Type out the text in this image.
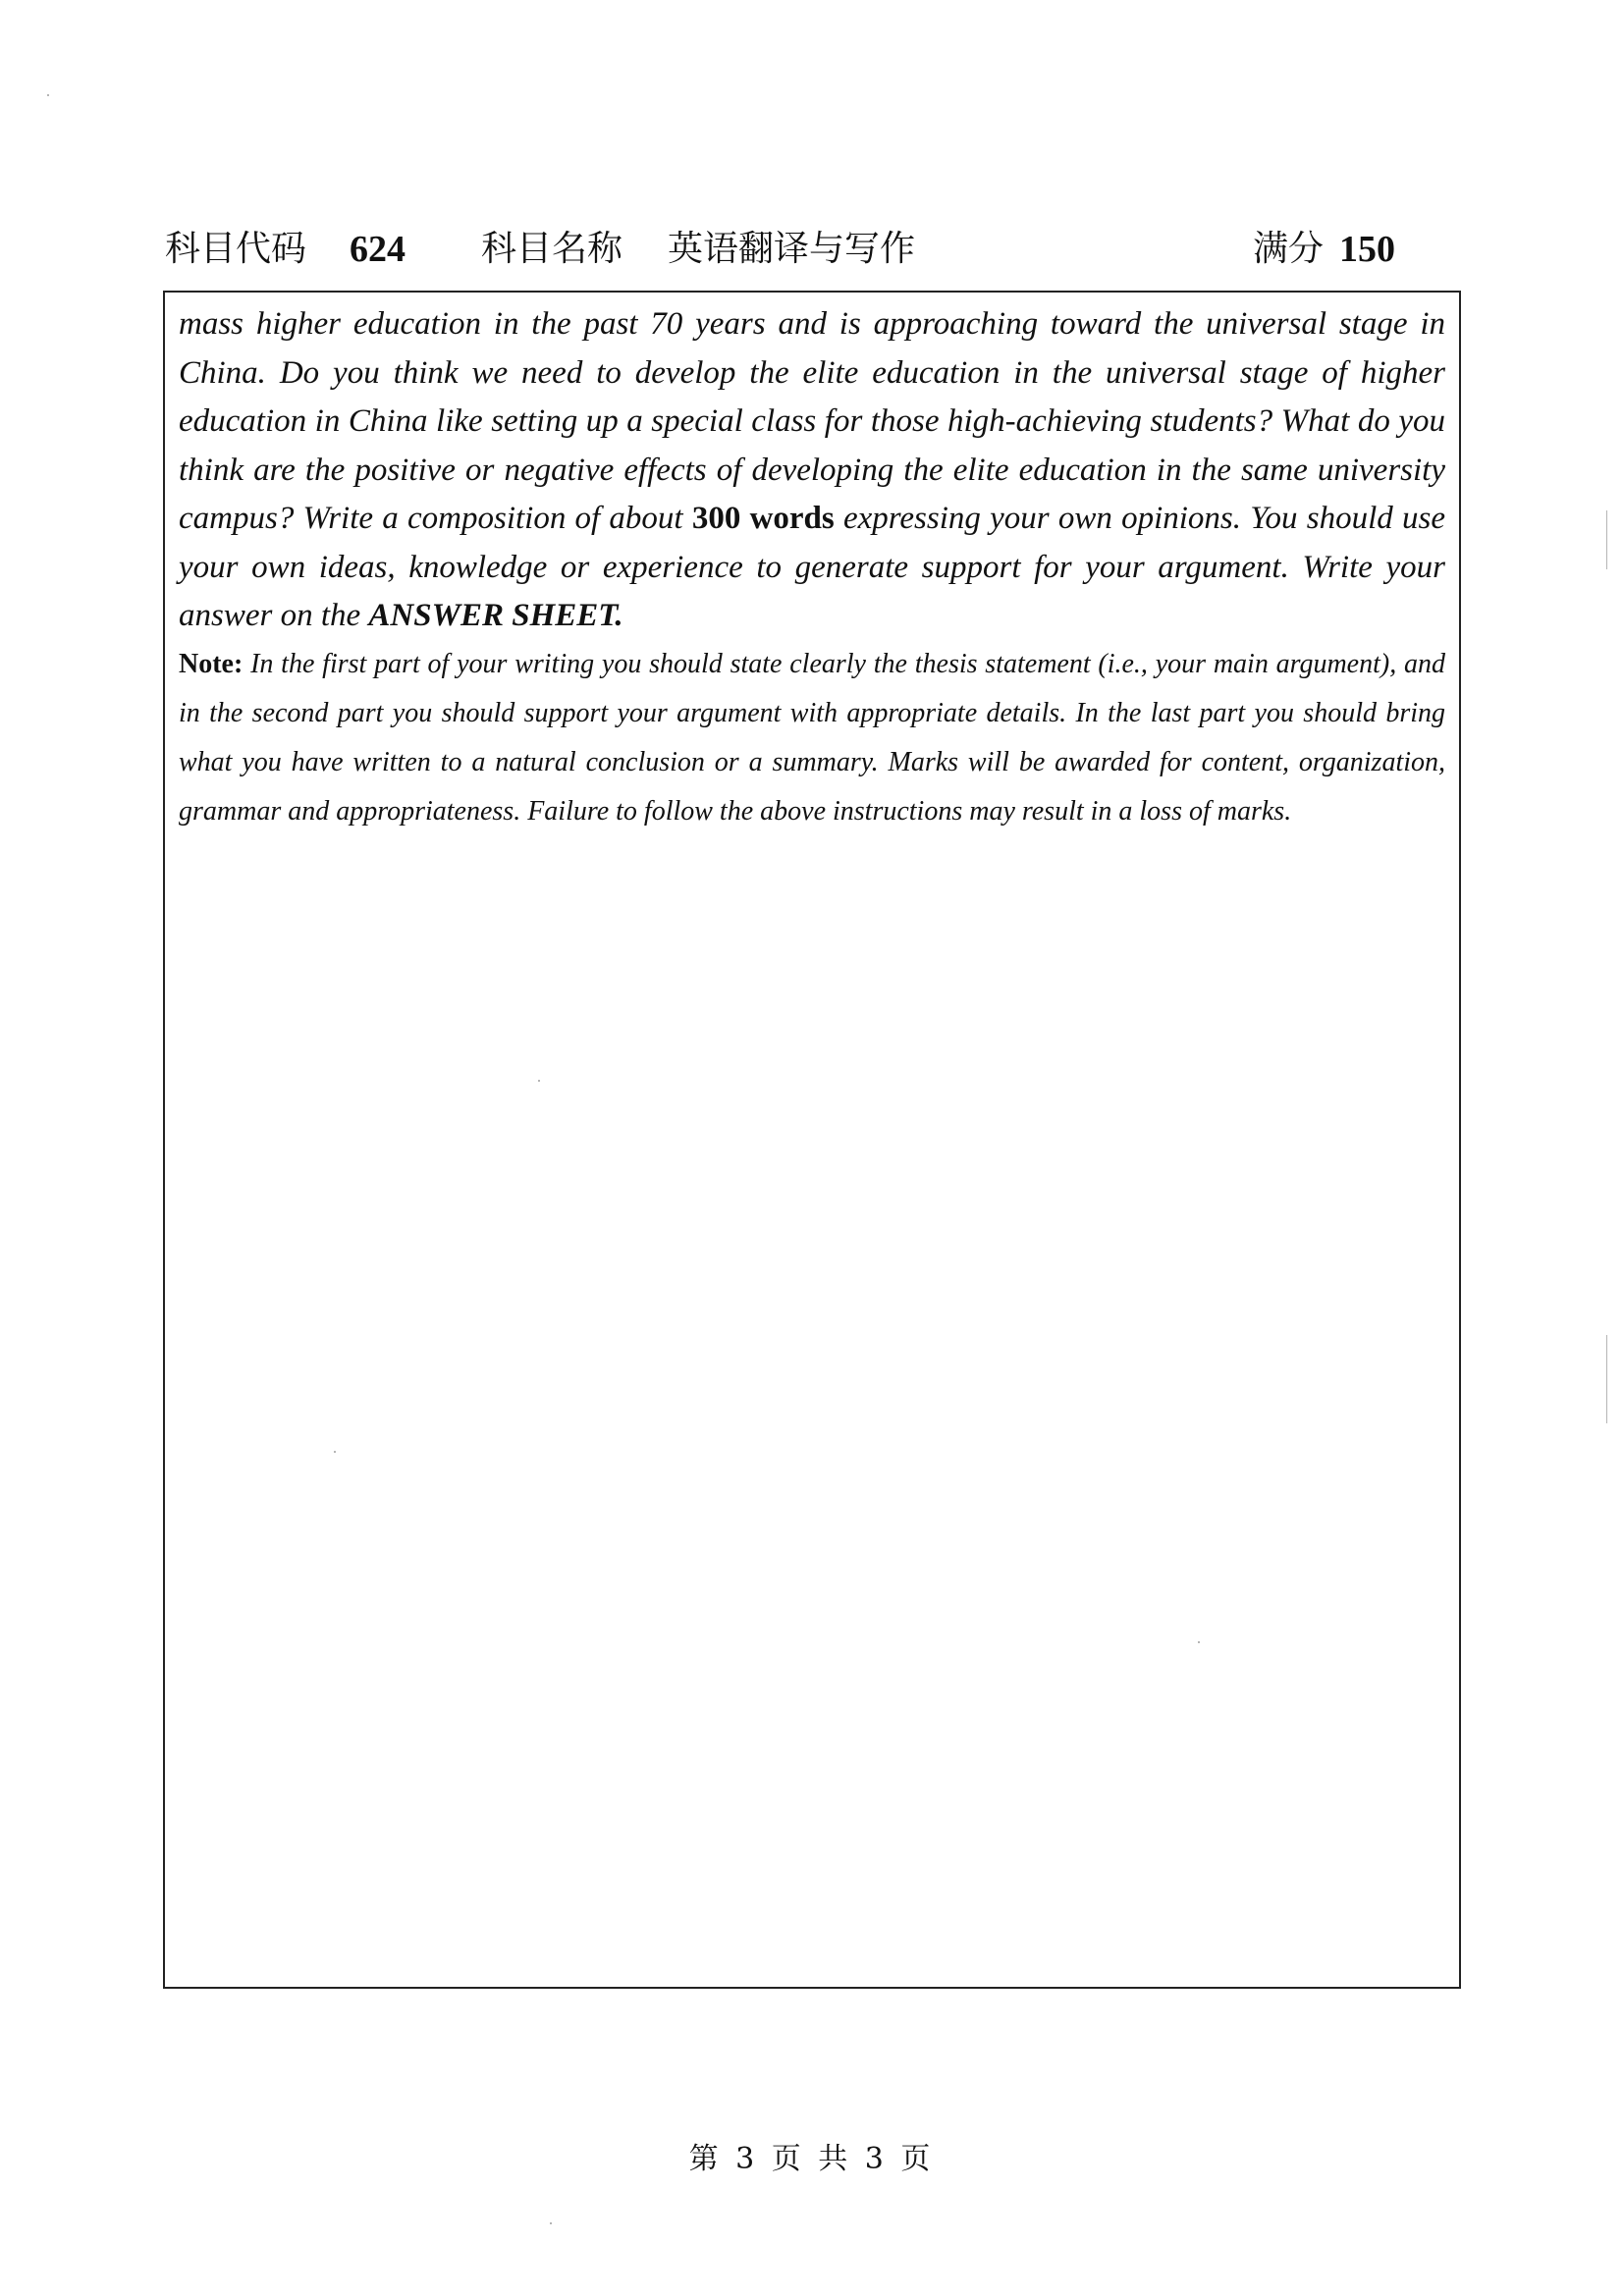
科目代码 624 科目名称 英语翻译与写作	满分 150

mass higher education in the past 70 years and is approaching toward the universal stage in China. Do you think we need to develop the elite education in the universal stage of higher education in China like setting up a special class for those high-achieving students? What do you think are the positive or negative effects of developing the elite education in the same university campus? Write a composition of about 300 words expressing your own opinions. You should use your own ideas, knowledge or experience to generate support for your argument. Write your answer on the ANSWER SHEET.

Note: In the first part of your writing you should state clearly the thesis statement (i.e., your main argument), and in the second part you should support your argument with appropriate details. In the last part you should bring what you have written to a natural conclusion or a summary. Marks will be awarded for content, organization, grammar and appropriateness. Failure to follow the above instructions may result in a loss of marks.

第 3 页 共 3 页
